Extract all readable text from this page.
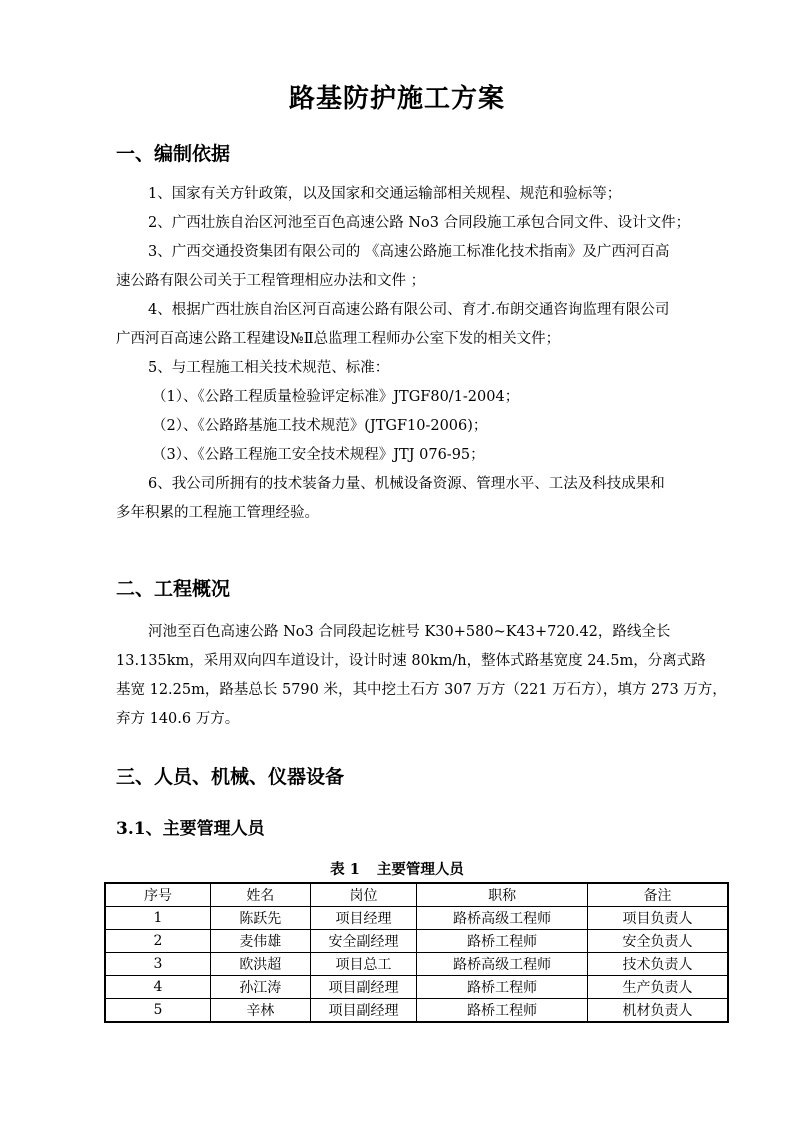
路基防护施工方案
一、编制依据
1、国家有关方针政策，以及国家和交通运输部相关规程、规范和验标等；
2、广西壮族自治区河池至百色高速公路 No3 合同段施工承包合同文件、设计文件；
3、广西交通投资集团有限公司的 《高速公路施工标准化技术指南》及广西河百高
速公路有限公司关于工程管理相应办法和文件 ；
4、根据广西壮族自治区河百高速公路有限公司、育才.布朗交通咨询监理有限公司
广西河百高速公路工程建设№Ⅱ总监理工程师办公室下发的相关文件；
5、与工程施工相关技术规范、标准：
（1）、《公路工程质量检验评定标准》JTGF80/1-2004；
（2）、《公路路基施工技术规范》(JTGF10-2006)；
（3）、《公路工程施工安全技术规程》JTJ 076-95；
6、我公司所拥有的技术装备力量、机械设备资源、管理水平、工法及科技成果和
多年积累的工程施工管理经验。
二、工程概况
河池至百色高速公路 No3 合同段起讫桩号 K30+580~K43+720.42，路线全长
13.135km，采用双向四车道设计，设计时速 80km/h，整体式路基宽度 24.5m，分离式路
基宽 12.25m，路基总长 5790 米，其中挖土石方 307 万方（221 万石方），填方 273 万方，
弃方 140.6 万方。
三、人员、机械、仪器设备
3.1、主要管理人员
表 1 主要管理人员
序号	姓名	岗位	职称	备注
1	陈跃先	项目经理	路桥高级工程师	项目负责人
2	麦伟雄	安全副经理	路桥工程师	安全负责人
3	欧洪超	项目总工	路桥高级工程师	技术负责人
4	孙江涛	项目副经理	路桥工程师	生产负责人
5	辛林	项目副经理	路桥工程师	机材负责人
